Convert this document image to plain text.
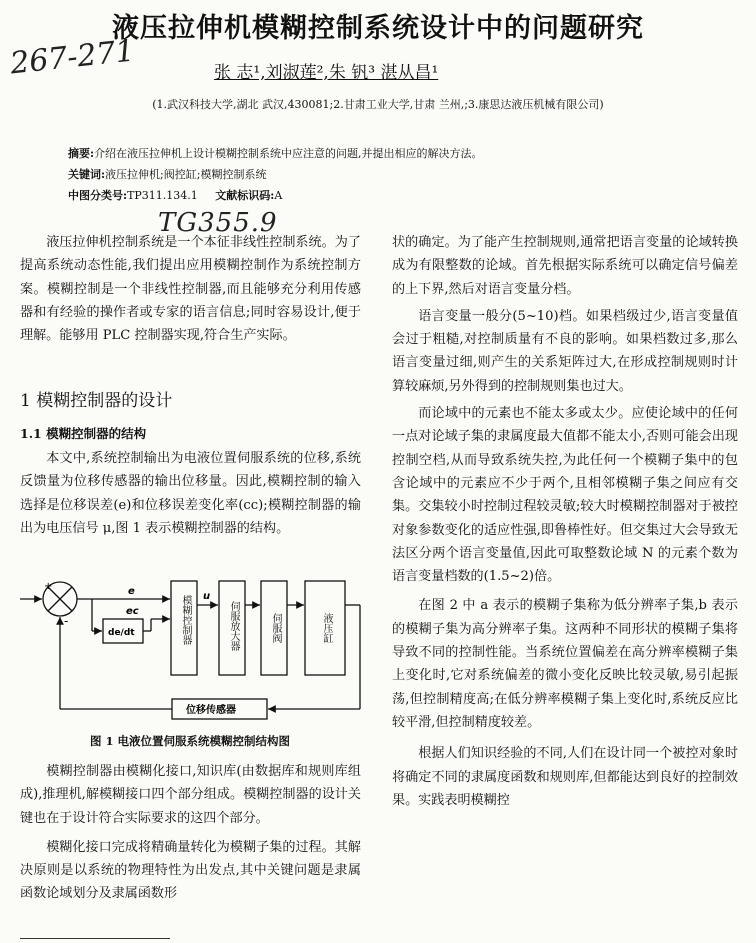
液压拉伸机模糊控制系统设计中的问题研究
267-271	张 志¹,刘淑莲²,朱 钒³ 湛从昌¹
(1.武汉科技大学,湖北 武汉,430081;2.甘肃工业大学,甘肃 兰州,;3.康思达液压机械有限公司)
摘要:介绍在液压拉伸机上设计模糊控制系统中应注意的问题,并提出相应的解决方法。
关键词:液压拉伸机;阀控缸;模糊控制系统
中图分类号:TP311.134.1 文献标识码:A
TG355.9

液压拉伸机控制系统是一个本征非线性控制系统。为了提高系统动态性能,我们提出应用模糊控制作为系统控制方案。模糊控制是一个非线性控制器,而且能够充分利用传感器和有经验的操作者或专家的语言信息;同时容易设计,便于理解。能够用 PLC 控制器实现,符合生产实际。

1 模糊控制器的设计
1.1 模糊控制器的结构

本文中,系统控制输出为电液位置伺服系统的位移,系统反馈量为位移传感器的输出位移量。因此,模糊控制的输入选择是位移误差(e)和位移误差变化率(cc);模糊控制器的输出为电压信号 μ,图 1 表示模糊控制器的结构。

+
-
e
ec
u
de/dt
位移传感器
模糊控制器	伺服放大器	伺服阀	液压缸
图 1 电液位置伺服系统模糊控制结构图

模糊控制器由模糊化接口,知识库(由数据库和规则库组成),推理机,解模糊接口四个部分组成。模糊控制器的设计关键也在于设计符合实际要求的这四个部分。

模糊化接口完成将精确量转化为模糊子集的过程。其解决原则是以系统的物理特性为出发点,其中关键问题是隶属函数论域划分及隶属函数形

状的确定。为了能产生控制规则,通常把语言变量的论域转换成为有限整数的论域。首先根据实际系统可以确定信号偏差的上下界,然后对语言变量分档。

语言变量一般分(5~10)档。如果档级过少,语言变量值会过于粗糙,对控制质量有不良的影响。如果档数过多,那么语言变量过细,则产生的关系矩阵过大,在形成控制规则时计算较麻烦,另外得到的控制规则集也过大。

而论域中的元素也不能太多或太少。应使论域中的任何一点对论域子集的隶属度最大值都不能太小,否则可能会出现控制空档,从而导致系统失控,为此任何一个模糊子集中的包含论域中的元素应不少于两个,且相邻模糊子集之间应有交集。交集较小时控制过程较灵敏;较大时模糊控制器对于被控对象参数变化的适应性强,即鲁棒性好。但交集过大会导致无法区分两个语言变量值,因此可取整数论域 N 的元素个数为语言变量档数的(1.5~2)倍。

在图 2 中 a 表示的模糊子集称为低分辨率子集,b 表示的模糊子集为高分辨率子集。这两种不同形状的模糊子集将导致不同的控制性能。当系统位置偏差在高分辨率模糊子集上变化时,它对系统偏差的微小变化反映比较灵敏,易引起振荡,但控制精度高;在低分辨率模糊子集上变化时,系统反应比较平滑,但控制精度较差。

根据人们知识经验的不同,人们在设计同一个被控对象时将确定不同的隶属度函数和规则库,但都能达到良好的控制效果。实践表明模糊控
